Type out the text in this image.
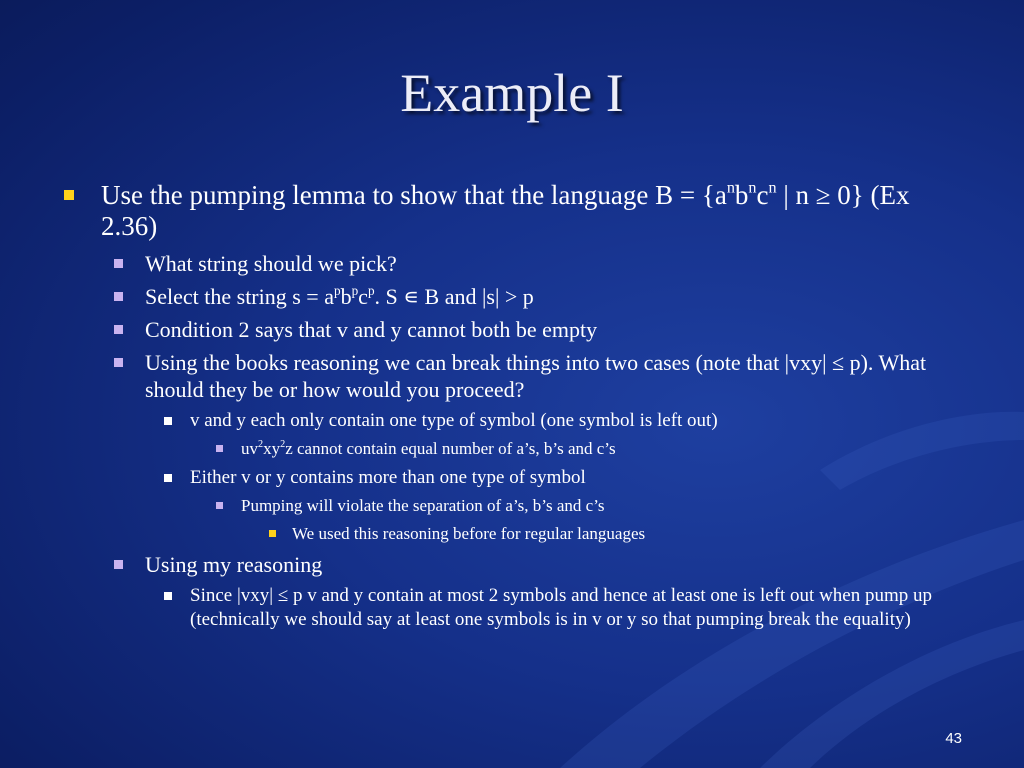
Example I
Use the pumping lemma to show that the language $B = \{a^nb^nc^n$ | n ≥ 0} (Ex 2.36)
What string should we pick?
Select the string $s = a^pb^pc^p$. S ∊ B and |s| > p
Condition 2 says that v and y cannot both be empty
Using the books reasoning we can break things into two cases (note that |vxy| ≤ p). What should they be or how would you proceed?
v and y each only contain one type of symbol (one symbol is left out)
$uv^2xy^2z$ cannot contain equal number of a’s, b’s and c’s
Either v or y contains more than one type of symbol
Pumping will violate the separation of a’s, b’s and c’s
We used this reasoning before for regular languages
Using my reasoning
Since |vxy| ≤ p v and y contain at most 2 symbols and hence at least one is left out when pump up (technically we should say at least one symbols is in v or y so that pumping break the equality)
43
